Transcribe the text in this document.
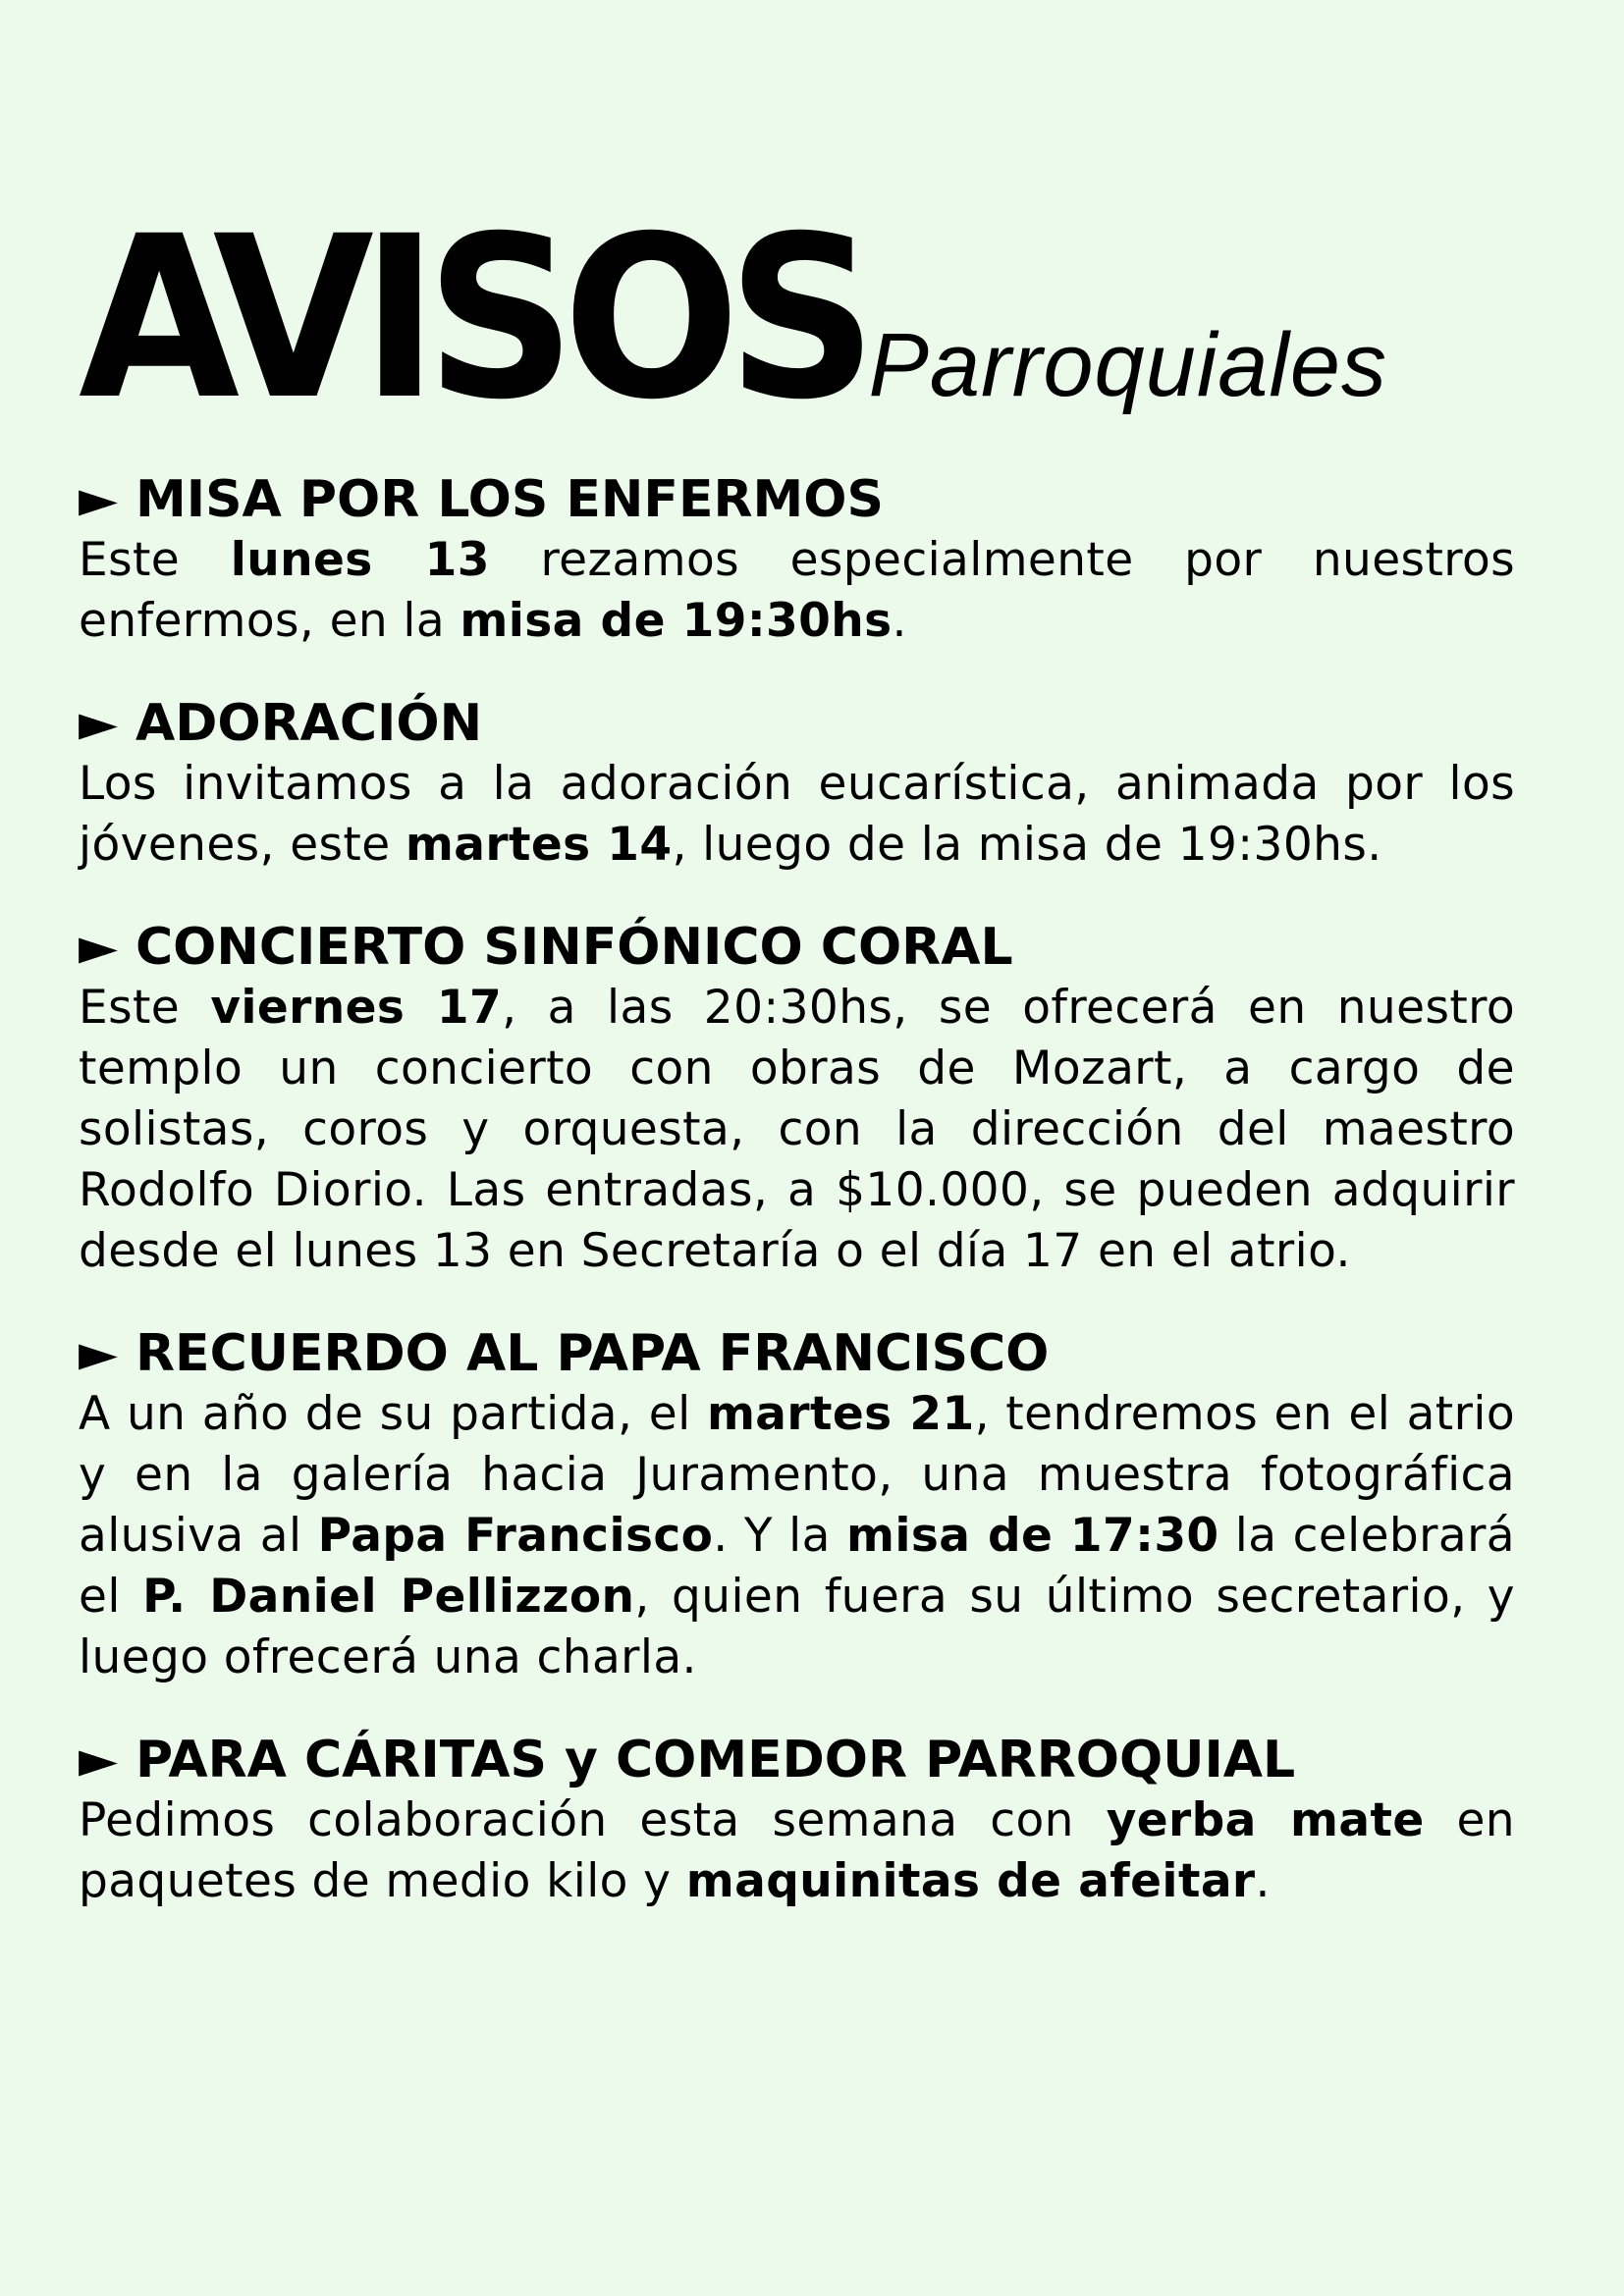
AVISOS Parroquiales
► MISA POR LOS ENFERMOS

Este lunes 13 rezamos especialmente por nuestros enfermos, en la misa de 19:30hs.

► ADORACIÓN

Los invitamos a la adoración eucarística, animada por los jóvenes, este martes 14, luego de la misa de 19:30hs.

► CONCIERTO SINFÓNICO CORAL

Este viernes 17, a las 20:30hs, se ofrecerá en nuestro templo un concierto con obras de Mozart, a cargo de solistas, coros y orquesta, con la dirección del maestro Rodolfo Diorio. Las entradas, a $10.000, se pueden adquirir desde el lunes 13 en Secretaría o el día 17 en el atrio.

► RECUERDO AL PAPA FRANCISCO

A un año de su partida, el martes 21, tendremos en el atrio y en la galería hacia Juramento, una muestra fotográfica alusiva al Papa Francisco. Y la misa de 17:30 la celebrará el P. Daniel Pellizzon, quien fuera su último secretario, y luego ofrecerá una charla.

► PARA CÁRITAS y COMEDOR PARROQUIAL

Pedimos colaboración esta semana con yerba mate en paquetes de medio kilo y maquinitas de afeitar.
